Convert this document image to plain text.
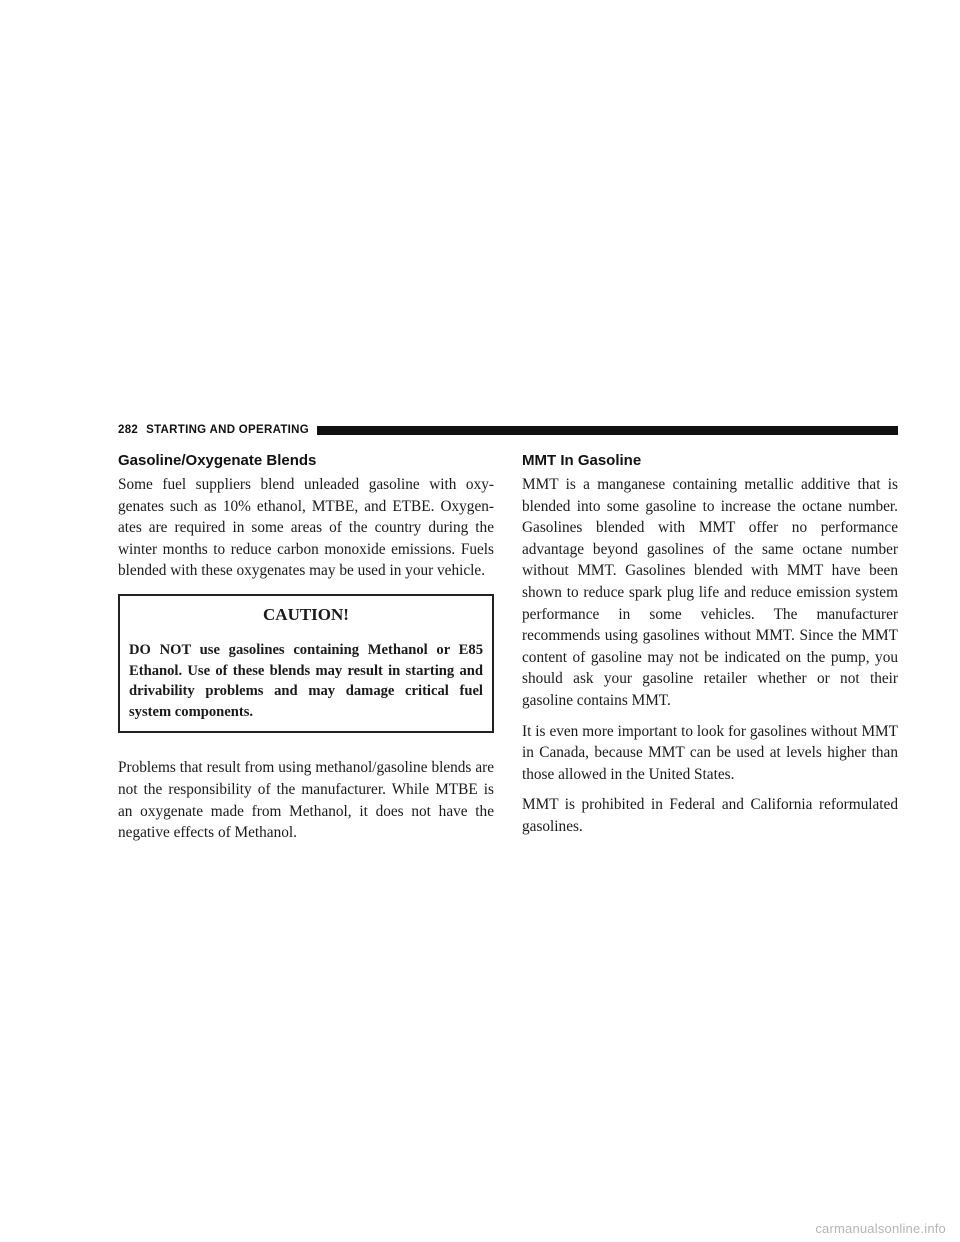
282 STARTING AND OPERATING
Gasoline/Oxygenate Blends

Some fuel suppliers blend unleaded gasoline with oxygenates such as 10% ethanol, MTBE, and ETBE. Oxygenates are required in some areas of the country during the winter months to reduce carbon monoxide emissions. Fuels blended with these oxygenates may be used in your vehicle.

CAUTION!

DO NOT use gasolines containing Methanol or E85 Ethanol. Use of these blends may result in starting and drivability problems and may damage critical fuel system components.

Problems that result from using methanol/gasoline blends are not the responsibility of the manufacturer. While MTBE is an oxygenate made from Methanol, it does not have the negative effects of Methanol.

MMT In Gasoline

MMT is a manganese containing metallic additive that is blended into some gasoline to increase the octane number. Gasolines blended with MMT offer no performance advantage beyond gasolines of the same octane number without MMT. Gasolines blended with MMT have been shown to reduce spark plug life and reduce emission system performance in some vehicles. The manufacturer recommends using gasolines without MMT. Since the MMT content of gasoline may not be indicated on the pump, you should ask your gasoline retailer whether or not their gasoline contains MMT.

It is even more important to look for gasolines without MMT in Canada, because MMT can be used at levels higher than those allowed in the United States.

MMT is prohibited in Federal and California reformulated gasolines.

carmanualsonline.info
